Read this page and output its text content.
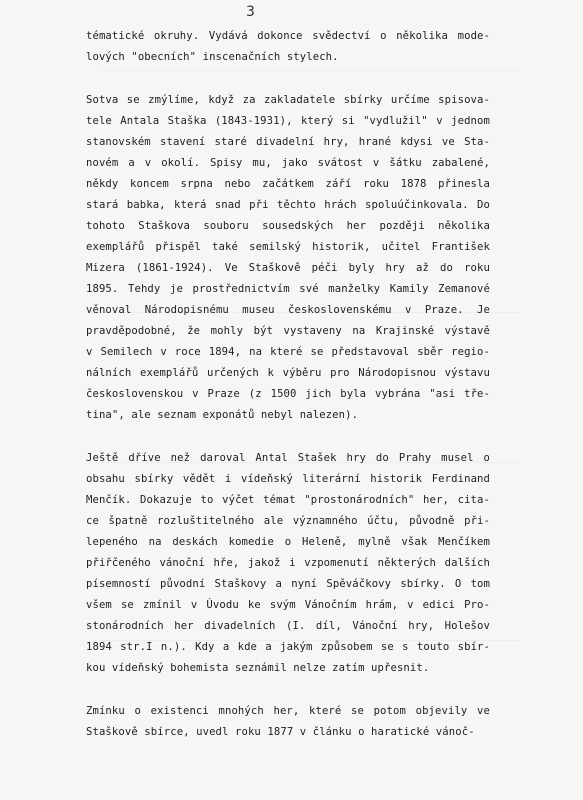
3
tématické okruhy. Vydává dokonce svědectví o několika mode-
lových "obecních" inscenačních stylech.
Sotva se zmýlíme, když za zakladatele sbírky určíme spisova-
tele Antala Staška (1843-1931), který si "vydlužil" v jednom
stanovském stavení staré divadelní hry, hrané kdysi ve Sta-
novém a v okolí. Spisy mu, jako svátost v šátku zabalené,
někdy koncem srpna nebo začátkem září roku 1878 přinesla
stará babka, která snad při těchto hrách spoluúčinkovala. Do
tohoto Staškova souboru sousedských her později několika
exemplářů přispěl také semilský historik, učitel František
Mizera (1861-1924). Ve Staškově péči byly hry až do roku
1895. Tehdy je prostřednictvím své manželky Kamily Zemanové
věnoval Národopisnému museu československému v Praze. Je
pravděpodobné, že mohly být vystaveny na Krajinské výstavě
v Semilech v roce 1894, na které se představoval sběr regio-
nálních exemplářů určených k výběru pro Národopisnou výstavu
československou v Praze (z 1500 jich byla vybrána "asi tře-
tina", ale seznam exponátů nebyl nalezen).
Ještě dříve než daroval Antal Stašek hry do Prahy musel o
obsahu sbírky vědět i vídeňský literární historik Ferdinand
Menčík. Dokazuje to výčet témat "prostonárodních" her, cita-
ce špatně rozluštitelného ale významného účtu, původně při-
lepeného na deskách komedie o Heleně, mylně však Menčíkem
přiřčeného vánoční hře, jakož i vzpomenutí některých dalších
písemností původní Staškovy a nyní Spěváčkovy sbírky. O tom
všem se zmínil v Úvodu ke svým Vánočním hrám, v edici Pro-
stonárodních her divadelních (I. díl, Vánoční hry, Holešov
1894 str.I n.). Kdy a kde a jakým způsobem se s touto sbír-
kou vídeňský bohemista seznámil nelze zatím upřesnit.
Zmínku o existenci mnohých her, které se potom objevily ve
Staškově sbírce, uvedl roku 1877 v článku o haratické vánoč-
